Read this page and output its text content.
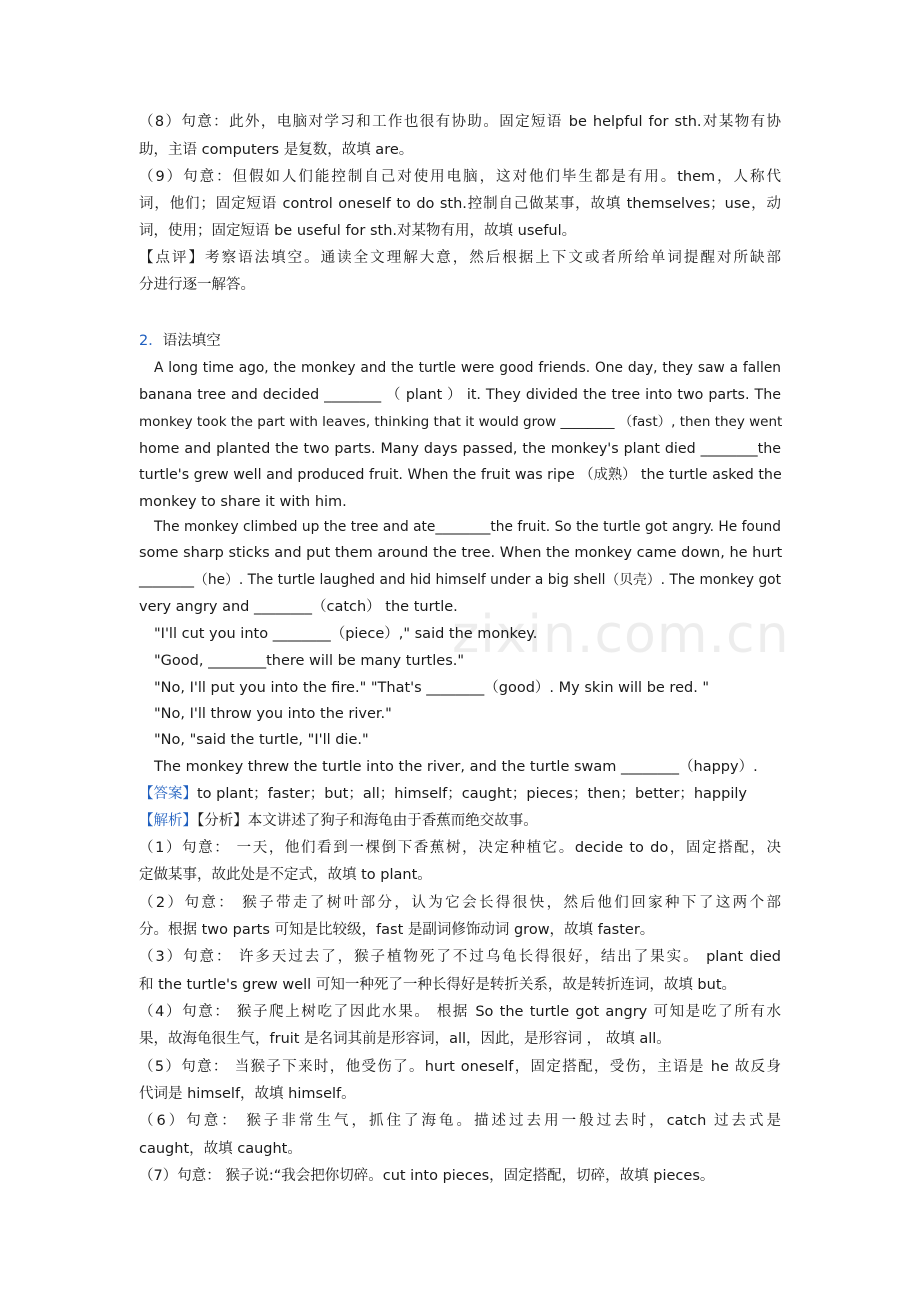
zixin.com.cn
（8）句意：此外，电脑对学习和工作也很有协助。固定短语 be helpful for sth.对某物有协
助，主语 computers 是复数，故填 are。
（9）句意：但假如人们能控制自己对使用电脑，这对他们毕生都是有用。them，人称代
词，他们；固定短语 control oneself to do sth.控制自己做某事，故填 themselves；use，动
词，使用；固定短语 be useful for sth.对某物有用，故填 useful。
【点评】考察语法填空。通读全文理解大意，然后根据上下文或者所给单词提醒对所缺部
分进行逐一解答。
2．语法填空
A long time ago, the monkey and the turtle were good friends. One day, they saw a fallen
banana tree and decided ________ （ plant ） it. They divided the tree into two parts. The
monkey took the part with leaves, thinking that it would grow ________ （fast）, then they went
home and planted the two parts. Many days passed, the monkey's plant died ________the
turtle's grew well and produced fruit. When the fruit was ripe （成熟） the turtle asked the
monkey to share it with him.
The monkey climbed up the tree and ate________the fruit. So the turtle got angry. He found
some sharp sticks and put them around the tree. When the monkey came down, he hurt
________（he）. The turtle laughed and hid himself under a big shell（贝壳）. The monkey got
very angry and ________（catch） the turtle.
"I'll cut you into ________（piece）," said the monkey.
"Good, ________there will be many turtles."
"No, I'll put you into the fire." "That's ________（good）. My skin will be red. "
"No, I'll throw you into the river."
"No, "said the turtle, "I'll die."
The monkey threw the turtle into the river, and the turtle swam ________（happy）.
【答案】to plant；faster；but；all；himself；caught；pieces；then；better；happily
【解析】【分析】本文讲述了狗子和海龟由于香蕉而绝交故事。
（1）句意： 一天，他们看到一棵倒下香蕉树，决定种植它。decide to do，固定搭配，决
定做某事，故此处是不定式，故填 to plant。
（2）句意： 猴子带走了树叶部分，认为它会长得很快，然后他们回家种下了这两个部
分。根据 two parts 可知是比较级，fast 是副词修饰动词 grow，故填 faster。
（3）句意： 许多天过去了，猴子植物死了不过乌龟长得很好，结出了果实。 plant died
和 the turtle's grew well 可知一种死了一种长得好是转折关系，故是转折连词，故填 but。
（4）句意： 猴子爬上树吃了因此水果。 根据 So the turtle got angry 可知是吃了所有水
果，故海龟很生气，fruit 是名词其前是形容词，all，因此，是形容词 ， 故填 all。
（5）句意： 当猴子下来时，他受伤了。hurt oneself，固定搭配，受伤，主语是 he 故反身
代词是 himself，故填 himself。
（6）句意： 猴子非常生气，抓住了海龟。描述过去用一般过去时，catch 过去式是
caught，故填 caught。
（7）句意： 猴子说:“我会把你切碎。cut into pieces，固定搭配，切碎，故填 pieces。
